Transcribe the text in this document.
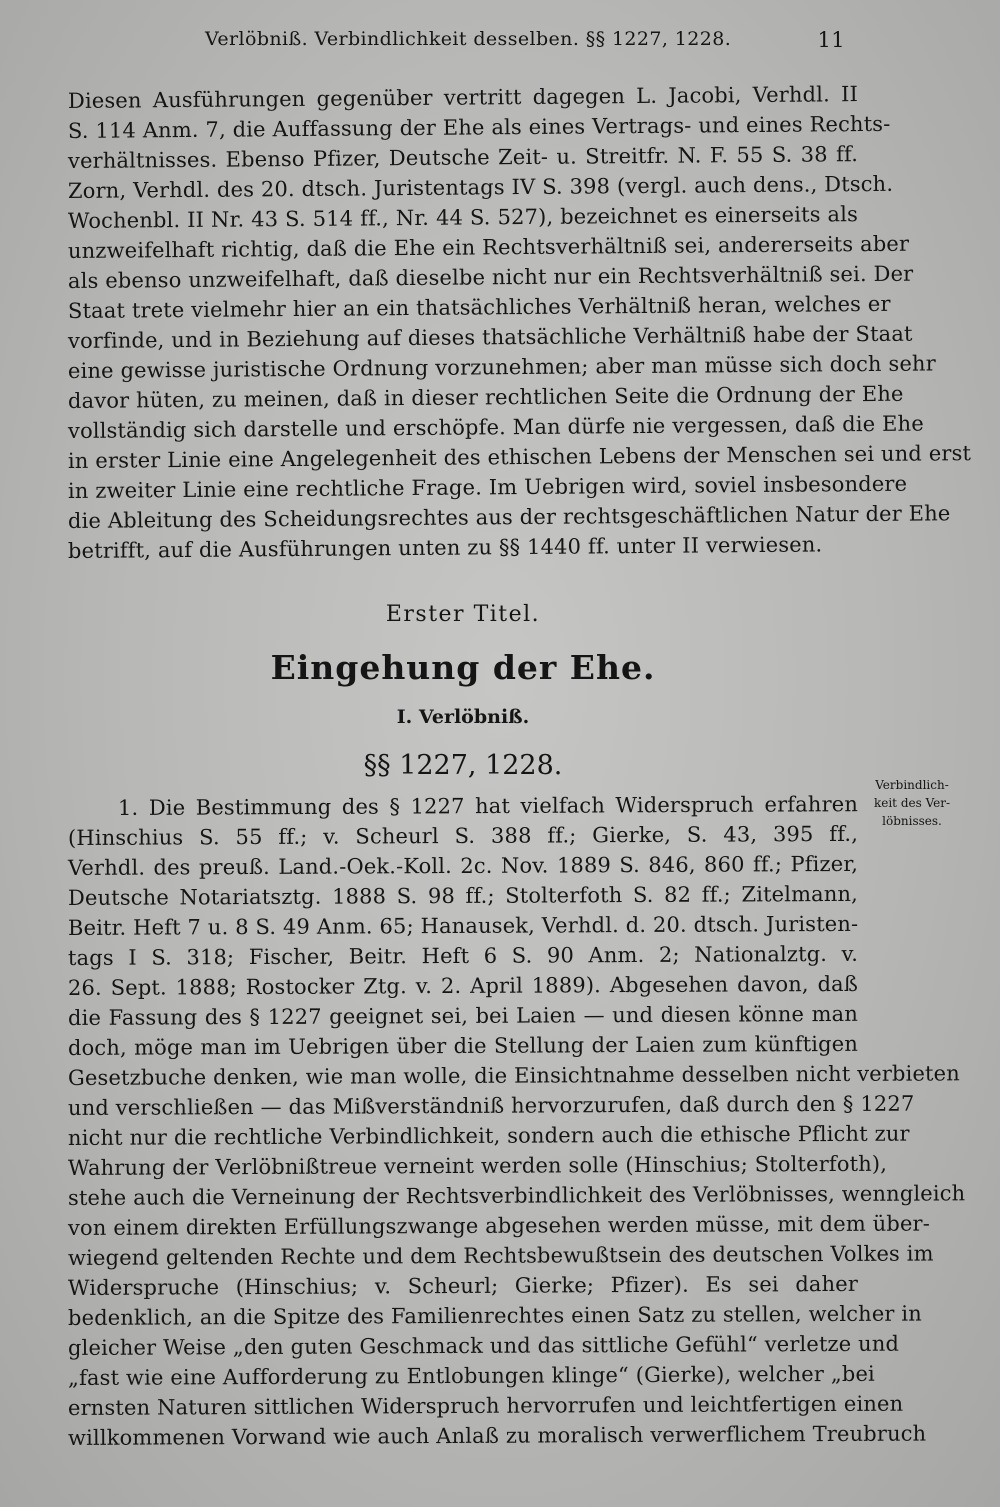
Verlöbniß. Verbindlichkeit desselben. §§ 1227, 1228.	11
Diesen Ausführungen gegenüber vertritt dagegen L. Jacobi, Verhdl. II
S. 114 Anm. 7, die Auffassung der Ehe als eines Vertrags- und eines Rechts-
verhältnisses. Ebenso Pfizer, Deutsche Zeit- u. Streitfr. N. F. 55 S. 38 ff.
Zorn, Verhdl. des 20. dtsch. Juristentags IV S. 398 (vergl. auch dens., Dtsch.
Wochenbl. II Nr. 43 S. 514 ff., Nr. 44 S. 527), bezeichnet es einerseits als
unzweifelhaft richtig, daß die Ehe ein Rechtsverhältniß sei, andererseits aber
als ebenso unzweifelhaft, daß dieselbe nicht nur ein Rechtsverhältniß sei. Der
Staat trete vielmehr hier an ein thatsächliches Verhältniß heran, welches er
vorfinde, und in Beziehung auf dieses thatsächliche Verhältniß habe der Staat
eine gewisse juristische Ordnung vorzunehmen; aber man müsse sich doch sehr
davor hüten, zu meinen, daß in dieser rechtlichen Seite die Ordnung der Ehe
vollständig sich darstelle und erschöpfe. Man dürfe nie vergessen, daß die Ehe
in erster Linie eine Angelegenheit des ethischen Lebens der Menschen sei und erst
in zweiter Linie eine rechtliche Frage. Im Uebrigen wird, soviel insbesondere
die Ableitung des Scheidungsrechtes aus der rechtsgeschäftlichen Natur der Ehe
betrifft, auf die Ausführungen unten zu §§ 1440 ff. unter II verwiesen.
Erster Titel.
Eingehung der Ehe.
I. Verlöbniß.
§§ 1227, 1228.
Verbindlich-
keit des Ver-
löbnisses.
1. Die Bestimmung des § 1227 hat vielfach Widerspruch erfahren
(Hinschius S. 55 ff.; v. Scheurl S. 388 ff.; Gierke, S. 43, 395 ff.,
Verhdl. des preuß. Land.-Oek.-Koll. 2c. Nov. 1889 S. 846, 860 ff.; Pfizer,
Deutsche Notariatsztg. 1888 S. 98 ff.; Stolterfoth S. 82 ff.; Zitelmann,
Beitr. Heft 7 u. 8 S. 49 Anm. 65; Hanausek, Verhdl. d. 20. dtsch. Juristen-
tags I S. 318; Fischer, Beitr. Heft 6 S. 90 Anm. 2; Nationalztg. v.
26. Sept. 1888; Rostocker Ztg. v. 2. April 1889). Abgesehen davon, daß
die Fassung des § 1227 geeignet sei, bei Laien — und diesen könne man
doch, möge man im Uebrigen über die Stellung der Laien zum künftigen
Gesetzbuche denken, wie man wolle, die Einsichtnahme desselben nicht verbieten
und verschließen — das Mißverständniß hervorzurufen, daß durch den § 1227
nicht nur die rechtliche Verbindlichkeit, sondern auch die ethische Pflicht zur
Wahrung der Verlöbnißtreue verneint werden solle (Hinschius; Stolterfoth),
stehe auch die Verneinung der Rechtsverbindlichkeit des Verlöbnisses, wenngleich
von einem direkten Erfüllungszwange abgesehen werden müsse, mit dem über-
wiegend geltenden Rechte und dem Rechtsbewußtsein des deutschen Volkes im
Widerspruche (Hinschius; v. Scheurl; Gierke; Pfizer). Es sei daher
bedenklich, an die Spitze des Familienrechtes einen Satz zu stellen, welcher in
gleicher Weise „den guten Geschmack und das sittliche Gefühl“ verletze und
„fast wie eine Aufforderung zu Entlobungen klinge“ (Gierke), welcher „bei
ernsten Naturen sittlichen Widerspruch hervorrufen und leichtfertigen einen
willkommenen Vorwand wie auch Anlaß zu moralisch verwerflichem Treubruch
